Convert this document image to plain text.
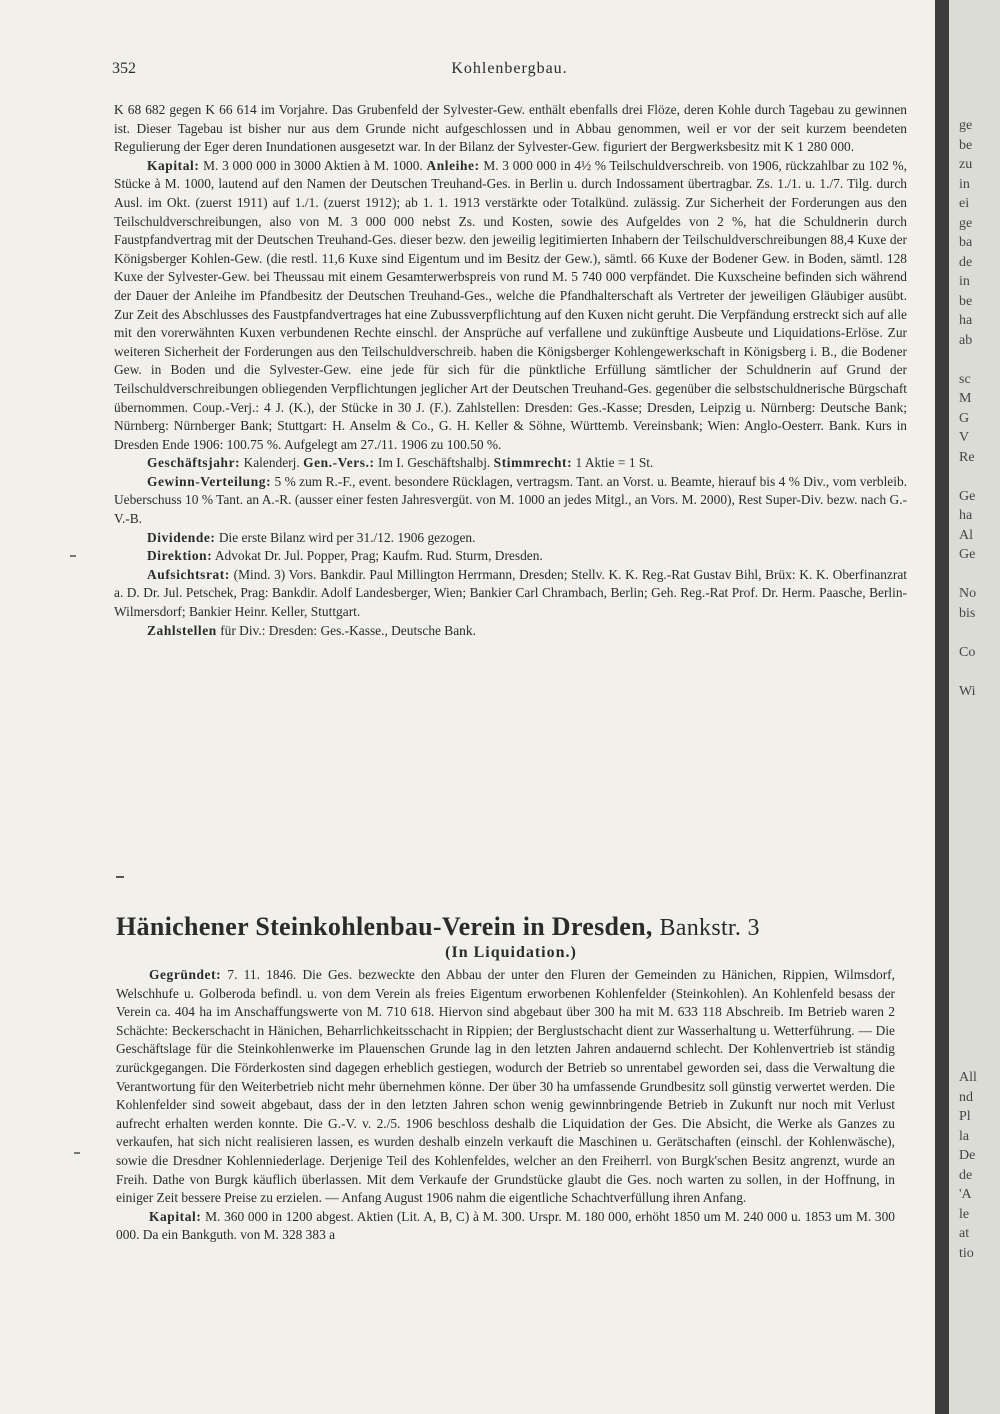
352	Kohlenbergbau.

K 68 682 gegen K 66 614 im Vorjahre. Das Grubenfeld der Sylvester-Gew. enthält ebenfalls drei Flöze, deren Kohle durch Tagebau zu gewinnen ist. Dieser Tagebau ist bisher nur aus dem Grunde nicht aufgeschlossen und in Abbau genommen, weil er vor der seit kurzem beendeten Regulierung der Eger deren Inundationen ausgesetzt war. In der Bilanz der Sylvester-Gew. figuriert der Bergwerksbesitz mit K 1 280 000.

Kapital: M. 3 000 000 in 3000 Aktien à M. 1000. Anleihe: M. 3 000 000 in 4½ % Teilschuldverschreib. von 1906, rückzahlbar zu 102 %, Stücke à M. 1000, lautend auf den Namen der Deutschen Treuhand-Ges. in Berlin u. durch Indossament übertragbar. Zs. 1./1. u. 1./7. Tilg. durch Ausl. im Okt. (zuerst 1911) auf 1./1. (zuerst 1912); ab 1. 1. 1913 verstärkte oder Totalkünd. zulässig. Zur Sicherheit der Forderungen aus den Teilschuldverschreibungen, also von M. 3 000 000 nebst Zs. und Kosten, sowie des Aufgeldes von 2 %, hat die Schuldnerin durch Faustpfandvertrag mit der Deutschen Treuhand-Ges. dieser bezw. den jeweilig legitimierten Inhabern der Teilschuldverschreibungen 88,4 Kuxe der Königsberger Kohlen-Gew. (die restl. 11,6 Kuxe sind Eigentum und im Besitz der Gew.), sämtl. 66 Kuxe der Bodener Gew. in Boden, sämtl. 128 Kuxe der Sylvester-Gew. bei Theussau mit einem Gesamterwerbspreis von rund M. 5 740 000 verpfändet. Die Kuxscheine befinden sich während der Dauer der Anleihe im Pfandbesitz der Deutschen Treuhand-Ges., welche die Pfandhalterschaft als Vertreter der jeweiligen Gläubiger ausübt. Zur Zeit des Abschlusses des Faustpfandvertrages hat eine Zubussverpflichtung auf den Kuxen nicht geruht. Die Verpfändung erstreckt sich auf alle mit den vorerwähnten Kuxen verbundenen Rechte einschl. der Ansprüche auf verfallene und zukünftige Ausbeute und Liquidations-Erlöse. Zur weiteren Sicherheit der Forderungen aus den Teilschuldverschreib. haben die Königsberger Kohlengewerkschaft in Königsberg i. B., die Bodener Gew. in Boden und die Sylvester-Gew. eine jede für sich für die pünktliche Erfüllung sämtlicher der Schuldnerin auf Grund der Teilschuldverschreibungen obliegenden Verpflichtungen jeglicher Art der Deutschen Treuhand-Ges. gegenüber die selbstschuldnerische Bürgschaft übernommen. Coup.-Verj.: 4 J. (K.), der Stücke in 30 J. (F.). Zahlstellen: Dresden: Ges.-Kasse; Dresden, Leipzig u. Nürnberg: Deutsche Bank; Nürnberg: Nürnberger Bank; Stuttgart: H. Anselm & Co., G. H. Keller & Söhne, Württemb. Vereinsbank; Wien: Anglo-Oesterr. Bank. Kurs in Dresden Ende 1906: 100.75 %. Aufgelegt am 27./11. 1906 zu 100.50 %.

Geschäftsjahr: Kalenderj. Gen.-Vers.: Im I. Geschäftshalbj. Stimmrecht: 1 Aktie = 1 St.

Gewinn-Verteilung: 5 % zum R.-F., event. besondere Rücklagen, vertragsm. Tant. an Vorst. u. Beamte, hierauf bis 4 % Div., vom verbleib. Ueberschuss 10 % Tant. an A.-R. (ausser einer festen Jahresvergüt. von M. 1000 an jedes Mitgl., an Vors. M. 2000), Rest Super-Div. bezw. nach G.-V.-B.

Dividende: Die erste Bilanz wird per 31./12. 1906 gezogen.

Direktion: Advokat Dr. Jul. Popper, Prag; Kaufm. Rud. Sturm, Dresden.

Aufsichtsrat: (Mind. 3) Vors. Bankdir. Paul Millington Herrmann, Dresden; Stellv. K. K. Reg.-Rat Gustav Bihl, Brüx: K. K. Oberfinanzrat a. D. Dr. Jul. Petschek, Prag: Bankdir. Adolf Landesberger, Wien; Bankier Carl Chrambach, Berlin; Geh. Reg.-Rat Prof. Dr. Herm. Paasche, Berlin-Wilmersdorf; Bankier Heinr. Keller, Stuttgart.

Zahlstellen für Div.: Dresden: Ges.-Kasse., Deutsche Bank.

Hänichener Steinkohlenbau-Verein in Dresden, Bankstr. 3
(In Liquidation.)

Gegründet: 7. 11. 1846. Die Ges. bezweckte den Abbau der unter den Fluren der Gemeinden zu Hänichen, Rippien, Wilmsdorf, Welschhufe u. Golberoda befindl. u. von dem Verein als freies Eigentum erworbenen Kohlenfelder (Steinkohlen). An Kohlenfeld besass der Verein ca. 404 ha im Anschaffungswerte von M. 710 618. Hiervon sind abgebaut über 300 ha mit M. 633 118 Abschreib. Im Betrieb waren 2 Schächte: Beckerschacht in Hänichen, Beharrlichkeitsschacht in Rippien; der Berglustschacht dient zur Wasserhaltung u. Wetterführung. — Die Geschäftslage für die Steinkohlenwerke im Plauenschen Grunde lag in den letzten Jahren andauernd schlecht. Der Kohlenvertrieb ist ständig zurückgegangen. Die Förderkosten sind dagegen erheblich gestiegen, wodurch der Betrieb so unrentabel geworden sei, dass die Verwaltung die Verantwortung für den Weiterbetrieb nicht mehr übernehmen könne. Der über 30 ha umfassende Grundbesitz soll günstig verwertet werden. Die Kohlenfelder sind soweit abgebaut, dass der in den letzten Jahren schon wenig gewinnbringende Betrieb in Zukunft nur noch mit Verlust aufrecht erhalten werden konnte. Die G.-V. v. 2./5. 1906 beschloss deshalb die Liquidation der Ges. Die Absicht, die Werke als Ganzes zu verkaufen, hat sich nicht realisieren lassen, es wurden deshalb einzeln verkauft die Maschinen u. Gerätschaften (einschl. der Kohlenwäsche), sowie die Dresdner Kohlenniederlage. Derjenige Teil des Kohlenfeldes, welcher an den Freiherrl. von Burgk'schen Besitz angrenzt, wurde an Freih. Dathe von Burgk käuflich überlassen. Mit dem Verkaufe der Grundstücke glaubt die Ges. noch warten zu sollen, in der Hoffnung, in einiger Zeit bessere Preise zu erzielen. — Anfang August 1906 nahm die eigentliche Schachtverfüllung ihren Anfang.

Kapital: M. 360 000 in 1200 abgest. Aktien (Lit. A, B, C) à M. 300. Urspr. M. 180 000, erhöht 1850 um M. 240 000 u. 1853 um M. 300 000. Da ein Bankguth. von M. 328 383 a

ge
be
zu
in
ei
ge
ba
de
in
be
ha
ab
sc
M
G
V
Re
Ge
ha
Al
Ge
No
bis
Co
Wi
All
nd
Pl
la
De
de
'A
le
at
tio
